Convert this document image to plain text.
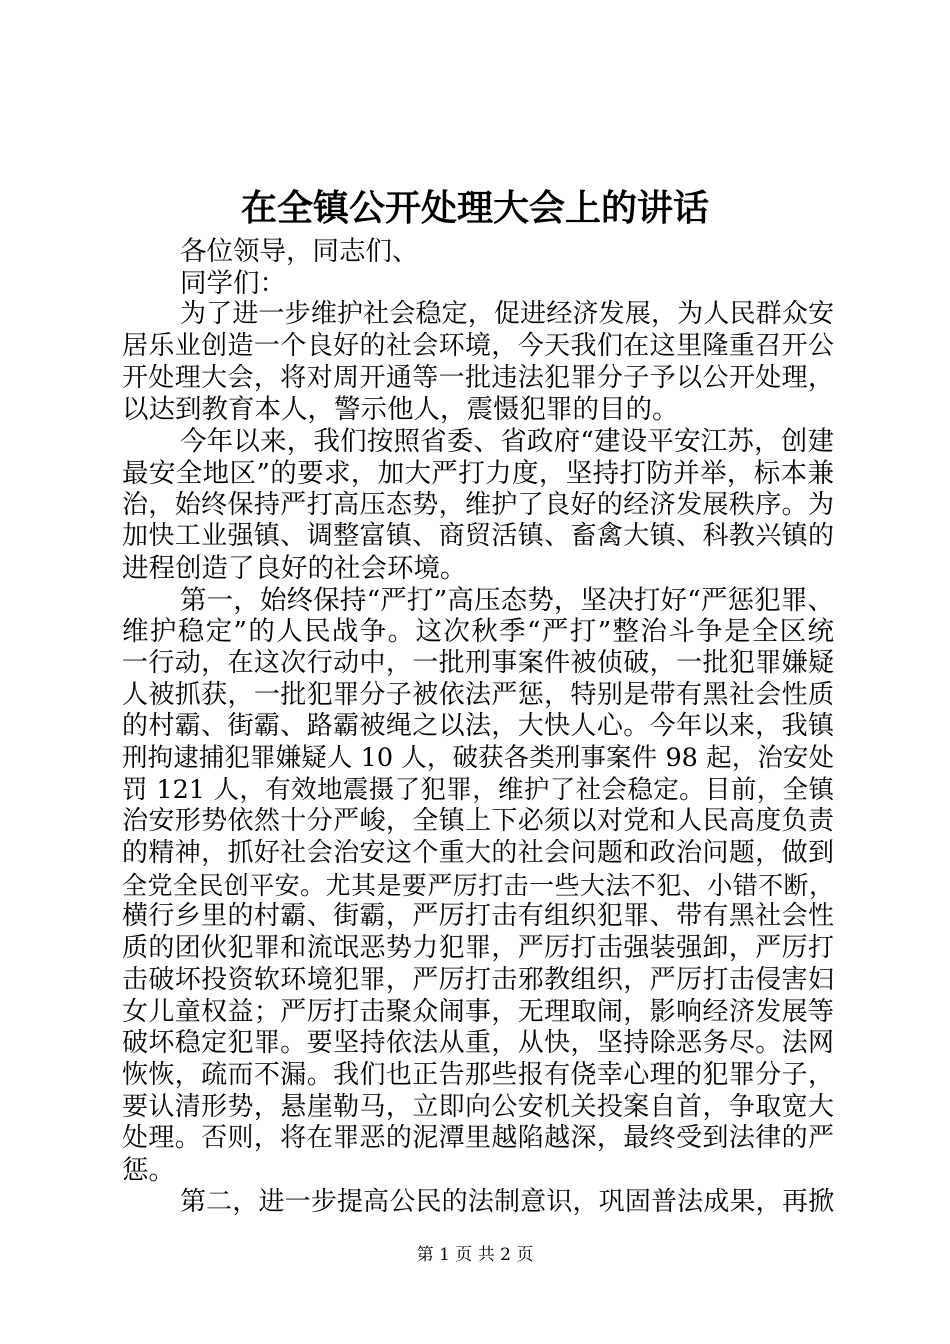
在全镇公开处理大会上的讲话
各位领导，同志们、
同学们：
为了进一步维护社会稳定，促进经济发展，为人民群众安
居乐业创造一个良好的社会环境，今天我们在这里隆重召开公
开处理大会，将对周开通等一批违法犯罪分子予以公开处理，
以达到教育本人，警示他人，震慑犯罪的目的。
今年以来，我们按照省委、省政府“建设平安江苏，创建
最安全地区”的要求，加大严打力度，坚持打防并举，标本兼
治，始终保持严打高压态势，维护了良好的经济发展秩序。为
加快工业强镇、调整富镇、商贸活镇、畜禽大镇、科教兴镇的
进程创造了良好的社会环境。
第一，始终保持“严打”高压态势，坚决打好“严惩犯罪、
维护稳定”的人民战争。这次秋季“严打”整治斗争是全区统
一行动，在这次行动中，一批刑事案件被侦破，一批犯罪嫌疑
人被抓获，一批犯罪分子被依法严惩，特别是带有黑社会性质
的村霸、街霸、路霸被绳之以法，大快人心。今年以来，我镇
刑拘逮捕犯罪嫌疑人 10 人，破获各类刑事案件 98 起，治安处
罚 121 人，有效地震摄了犯罪，维护了社会稳定。目前，全镇
治安形势依然十分严峻，全镇上下必须以对党和人民高度负责
的精神，抓好社会治安这个重大的社会问题和政治问题，做到
全党全民创平安。尤其是要严厉打击一些大法不犯、小错不断，
横行乡里的村霸、街霸，严厉打击有组织犯罪、带有黑社会性
质的团伙犯罪和流氓恶势力犯罪，严厉打击强装强卸，严厉打
击破坏投资软环境犯罪，严厉打击邪教组织，严厉打击侵害妇
女儿童权益；严厉打击聚众闹事，无理取闹，影响经济发展等
破坏稳定犯罪。要坚持依法从重，从快，坚持除恶务尽。法网
恢恢，疏而不漏。我们也正告那些报有侥幸心理的犯罪分子，
要认清形势，悬崖勒马，立即向公安机关投案自首，争取宽大
处理。否则，将在罪恶的泥潭里越陷越深，最终受到法律的严
惩。
第二，进一步提高公民的法制意识，巩固普法成果，再掀
第 1 页 共 2 页
